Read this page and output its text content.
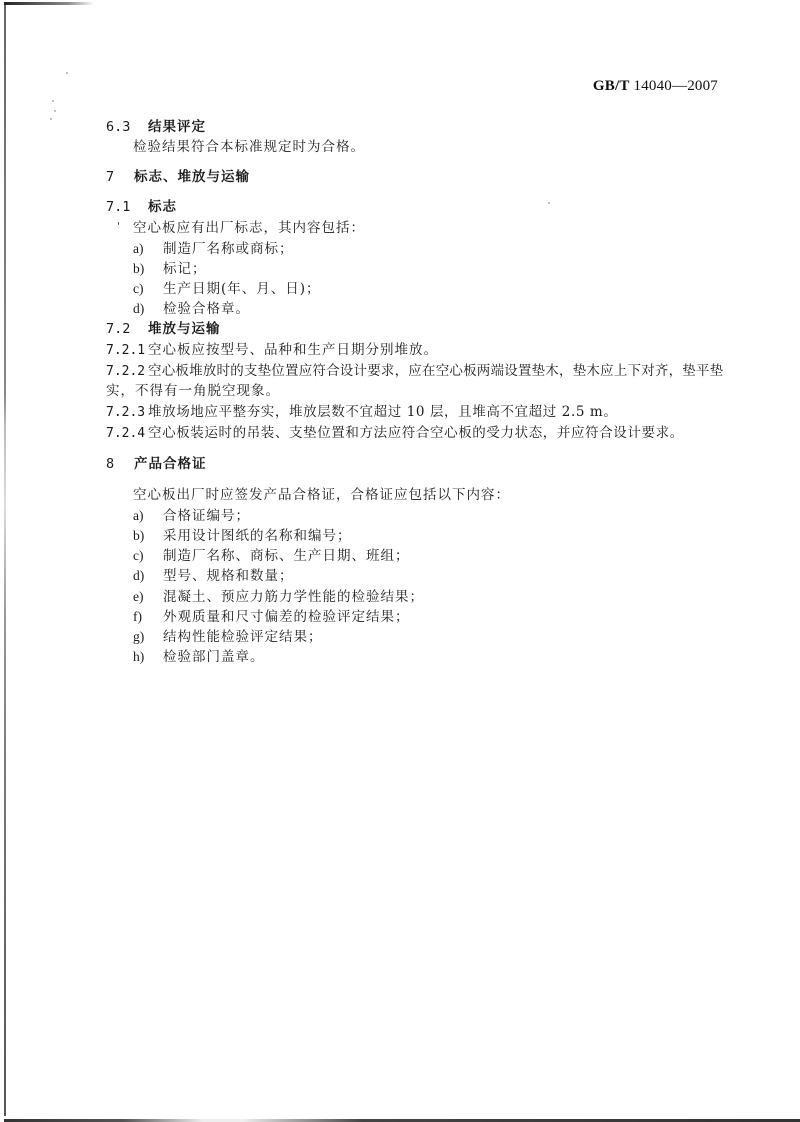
GB/T 14040—2007
6.3 结果评定
检验结果符合本标准规定时为合格。
7 标志、堆放与运输
7.1 标志
空心板应有出厂标志，其内容包括：
a) 制造厂名称或商标；
b) 标记；
c) 生产日期(年、月、日)；
d) 检验合格章。
7.2 堆放与运输
7.2.1 空心板应按型号、品种和生产日期分别堆放。
7.2.2 空心板堆放时的支垫位置应符合设计要求，应在空心板两端设置垫木，垫木应上下对齐，垫平垫
实，不得有一角脱空现象。
7.2.3 堆放场地应平整夯实，堆放层数不宜超过 10 层，且堆高不宜超过 2.5 m。
7.2.4 空心板装运时的吊装、支垫位置和方法应符合空心板的受力状态，并应符合设计要求。
8 产品合格证
空心板出厂时应签发产品合格证，合格证应包括以下内容：
a) 合格证编号；
b) 采用设计图纸的名称和编号；
c) 制造厂名称、商标、生产日期、班组；
d) 型号、规格和数量；
e) 混凝土、预应力筋力学性能的检验结果；
f) 外观质量和尺寸偏差的检验评定结果；
g) 结构性能检验评定结果；
h) 检验部门盖章。
